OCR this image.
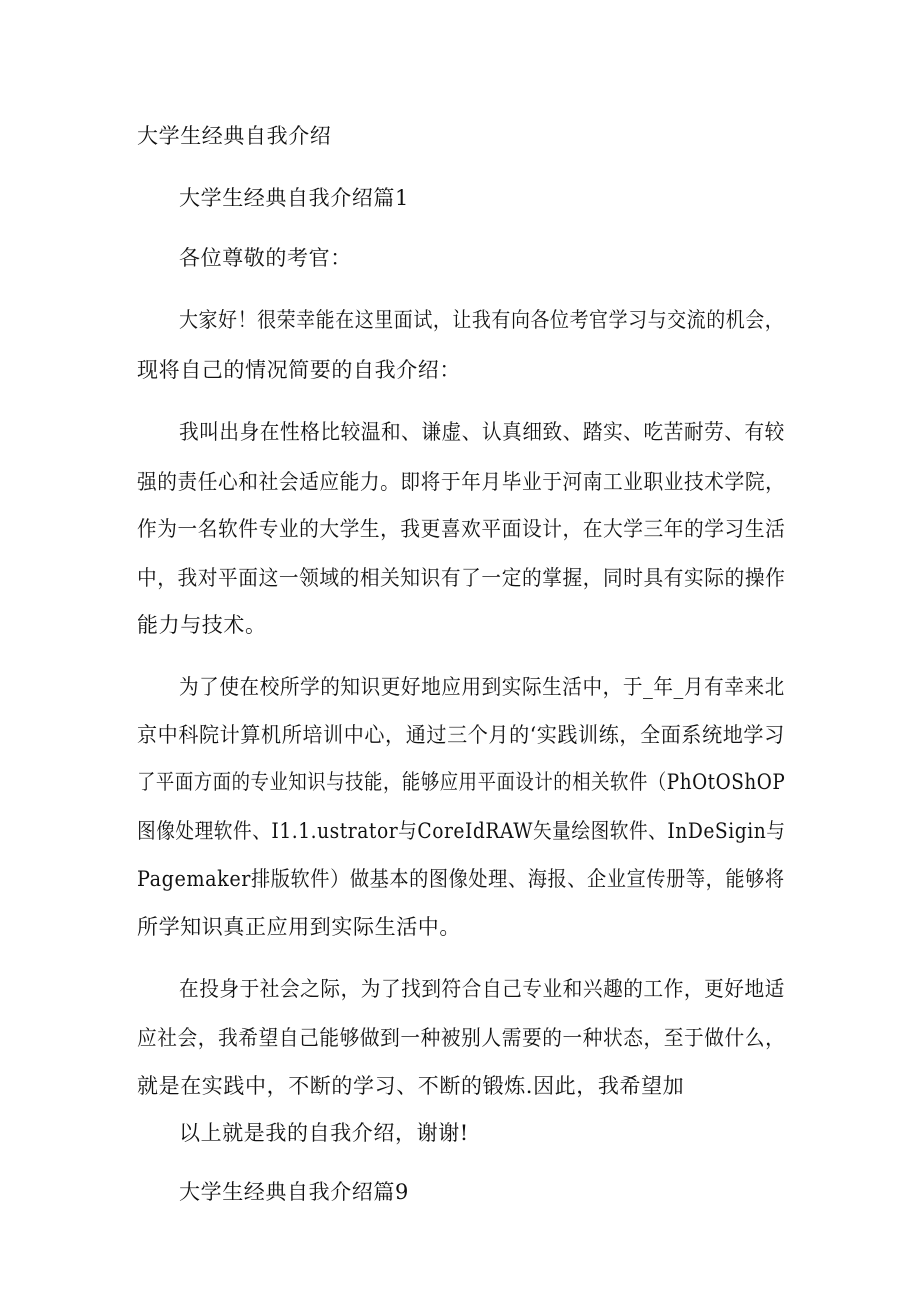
大学生经典自我介绍

大学生经典自我介绍篇1

各位尊敬的考官：

大家好！很荣幸能在这里面试，让我有向各位考官学习与交流的机会，

现将自己的情况简要的自我介绍：

我叫出身在性格比较温和、谦虚、认真细致、踏实、吃苦耐劳、有较

强的责任心和社会适应能力。即将于年月毕业于河南工业职业技术学院，

作为一名软件专业的大学生，我更喜欢平面设计，在大学三年的学习生活

中，我对平面这一领域的相关知识有了一定的掌握，同时具有实际的操作

能力与技术。

为了使在校所学的知识更好地应用到实际生活中，于_年_月有幸来北

京中科院计算机所培训中心，通过三个月的‘实践训练，全面系统地学习

了平面方面的专业知识与技能，能够应用平面设计的相关软件（PhOtOShOP

图像处理软件、I1.1.ustrator与CoreIdRAW矢量绘图软件、InDeSigin与

Pagemaker排版软件）做基本的图像处理、海报、企业宣传册等，能够将

所学知识真正应用到实际生活中。

在投身于社会之际，为了找到符合自己专业和兴趣的工作，更好地适

应社会，我希望自己能够做到一种被别人需要的一种状态，至于做什么，

就是在实践中，不断的学习、不断的锻炼.因此，我希望加

以上就是我的自我介绍，谢谢!

大学生经典自我介绍篇9
